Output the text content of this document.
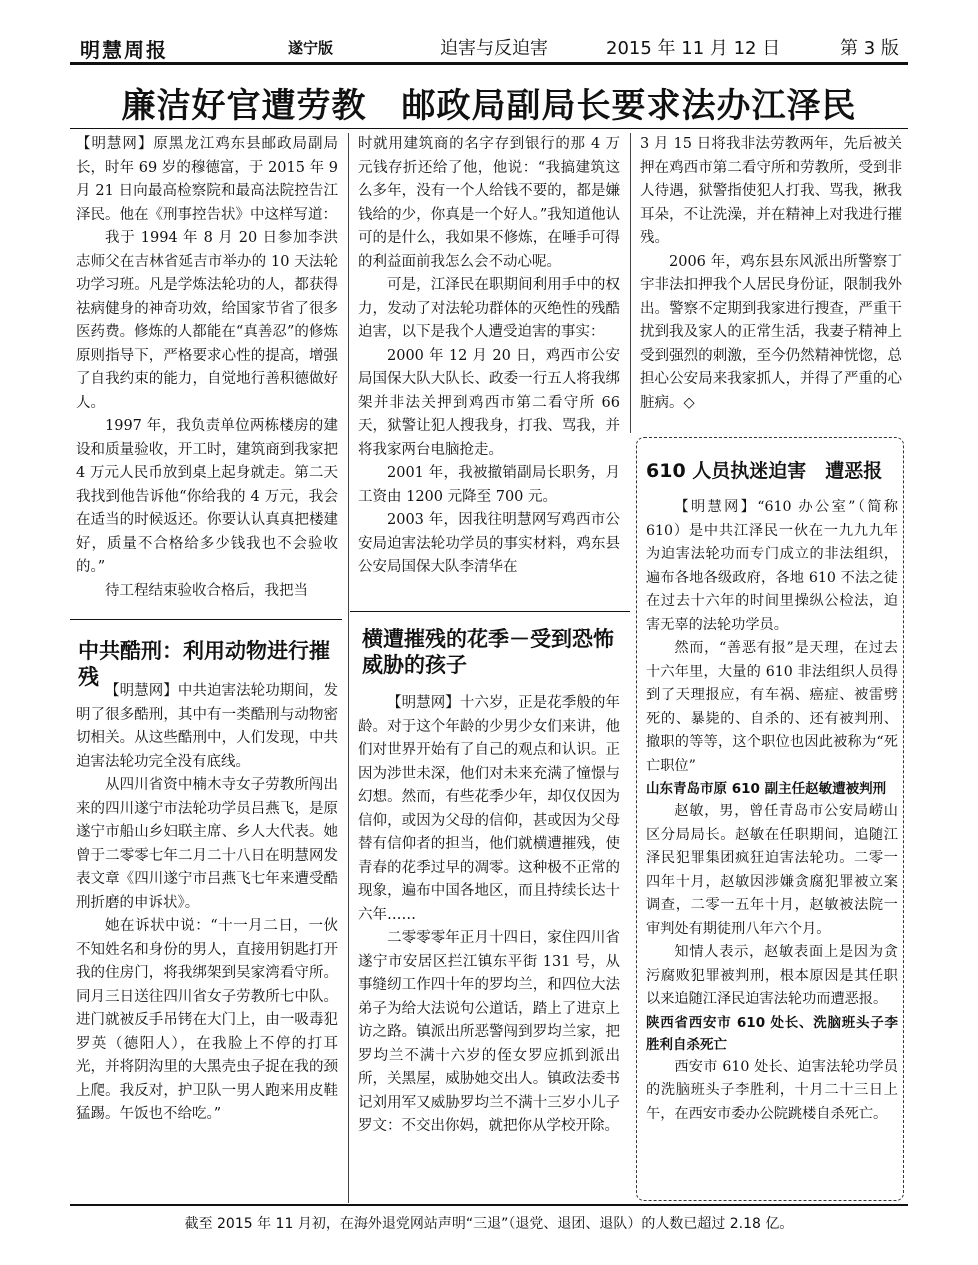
明慧周报	遂宁版	迫害与反迫害	2015 年 11 月 12 日	第 3 版
廉洁好官遭劳教　邮政局副局长要求法办江泽民

【明慧网】原黑龙江鸡东县邮政局副局长，时年 69 岁的穆德富，于 2015 年 9 月 21 日向最高检察院和最高法院控告江泽民。他在《刑事控告状》中这样写道：

我于 1994 年 8 月 20 日参加李洪志师父在吉林省延吉市举办的 10 天法轮功学习班。凡是学炼法轮功的人，都获得祛病健身的神奇功效，给国家节省了很多医药费。修炼的人都能在“真善忍”的修炼原则指导下，严格要求心性的提高，增强了自我约束的能力，自觉地行善积德做好人。

1997 年，我负责单位两栋楼房的建设和质量验收，开工时，建筑商到我家把 4 万元人民币放到桌上起身就走。第二天我找到他告诉他“你给我的 4 万元，我会在适当的时候返还。你要认认真真把楼建好，质量不合格给多少钱我也不会验收的。”

待工程结束验收合格后，我把当

时就用建筑商的名字存到银行的那 4 万元钱存折还给了他，他说：“我搞建筑这么多年，没有一个人给钱不要的，都是嫌钱给的少，你真是一个好人。”我知道他认可的是什么，我如果不修炼，在唾手可得的利益面前我怎么会不动心呢。

可是，江泽民在职期间利用手中的权力，发动了对法轮功群体的灭绝性的残酷迫害，以下是我个人遭受迫害的事实：

2000 年 12 月 20 日，鸡西市公安局国保大队大队长、政委一行五人将我绑架并非法关押到鸡西市第二看守所 66 天，狱警让犯人搜我身，打我、骂我，并将我家两台电脑抢走。

2001 年，我被撤销副局长职务，月工资由 1200 元降至 700 元。

2003 年，因我往明慧网写鸡西市公安局迫害法轮功学员的事实材料，鸡东县公安局国保大队李清华在

3 月 15 日将我非法劳教两年，先后被关押在鸡西市第二看守所和劳教所，受到非人待遇，狱警指使犯人打我、骂我，揪我耳朵，不让洗澡，并在精神上对我进行摧残。

2006 年，鸡东县东风派出所警察丁宇非法扣押我个人居民身份证，限制我外出。警察不定期到我家进行搜查，严重干扰到我及家人的正常生活，我妻子精神上受到强烈的刺激，至今仍然精神恍惚，总担心公安局来我家抓人，并得了严重的心脏病。◇

中共酷刑：利用动物进行摧残

【明慧网】中共迫害法轮功期间，发明了很多酷刑，其中有一类酷刑与动物密切相关。从这些酷刑中，人们发现，中共迫害法轮功完全没有底线。

从四川省资中楠木寺女子劳教所闯出来的四川遂宁市法轮功学员吕燕飞，是原遂宁市船山乡妇联主席、乡人大代表。她曾于二零零七年二月二十八日在明慧网发表文章《四川遂宁市吕燕飞七年来遭受酷刑折磨的申诉状》。

她在诉状中说：“十一月二日，一伙不知姓名和身份的男人，直接用钥匙打开我的住房门，将我绑架到吴家湾看守所。同月三日送往四川省女子劳教所七中队。进门就被反手吊铐在大门上，由一吸毒犯罗英（德阳人），在我脸上不停的打耳光，并将阴沟里的大黑壳虫子捉在我的颈上爬。我反对，护卫队一男人跑来用皮鞋猛踢。午饭也不给吃。”

横遭摧残的花季－受到恐怖威胁的孩子

【明慧网】十六岁，正是花季般的年龄。对于这个年龄的少男少女们来讲，他们对世界开始有了自己的观点和认识。正因为涉世未深，他们对未来充满了憧憬与幻想。然而，有些花季少年，却仅仅因为信仰，或因为父母的信仰，甚或因为父母替有信仰者的担当，他们就横遭摧残，使青春的花季过早的凋零。这种极不正常的现象，遍布中国各地区，而且持续长达十六年……

二零零零年正月十四日，家住四川省遂宁市安居区拦江镇东平街 131 号，从事缝纫工作四十年的罗均兰，和四位大法弟子为给大法说句公道话，踏上了进京上访之路。镇派出所恶警闯到罗均兰家，把罗均兰不满十六岁的侄女罗应抓到派出所，关黑屋，威胁她交出人。镇政法委书记刘用军又威胁罗均兰不满十三岁小儿子罗文：不交出你妈，就把你从学校开除。

610 人员执迷迫害　遭恶报

【明慧网】“610 办公室”（简称 610）是中共江泽民一伙在一九九九年为迫害法轮功而专门成立的非法组织，遍布各地各级政府，各地 610 不法之徒在过去十六年的时间里操纵公检法，迫害无辜的法轮功学员。

然而，“善恶有报”是天理，在过去十六年里，大量的 610 非法组织人员得到了天理报应，有车祸、癌症、被雷劈死的、暴毙的、自杀的、还有被判刑、撤职的等等，这个职位也因此被称为“死亡职位”

山东青岛市原 610 副主任赵敏遭被判刑

赵敏，男，曾任青岛市公安局崂山区分局局长。赵敏在任职期间，追随江泽民犯罪集团疯狂迫害法轮功。二零一四年十月，赵敏因涉嫌贪腐犯罪被立案调查，二零一五年十月，赵敏被法院一审判处有期徒刑八年六个月。

知情人表示，赵敏表面上是因为贪污腐败犯罪被判刑，根本原因是其任职以来追随江泽民迫害法轮功而遭恶报。

陕西省西安市 610 处长、洗脑班头子李胜利自杀死亡

西安市 610 处长、迫害法轮功学员的洗脑班头子李胜利，十月二十三日上午，在西安市委办公院跳楼自杀死亡。

截至 2015 年 11 月初，在海外退党网站声明“三退”（退党、退团、退队）的人数已超过 2.18 亿。
